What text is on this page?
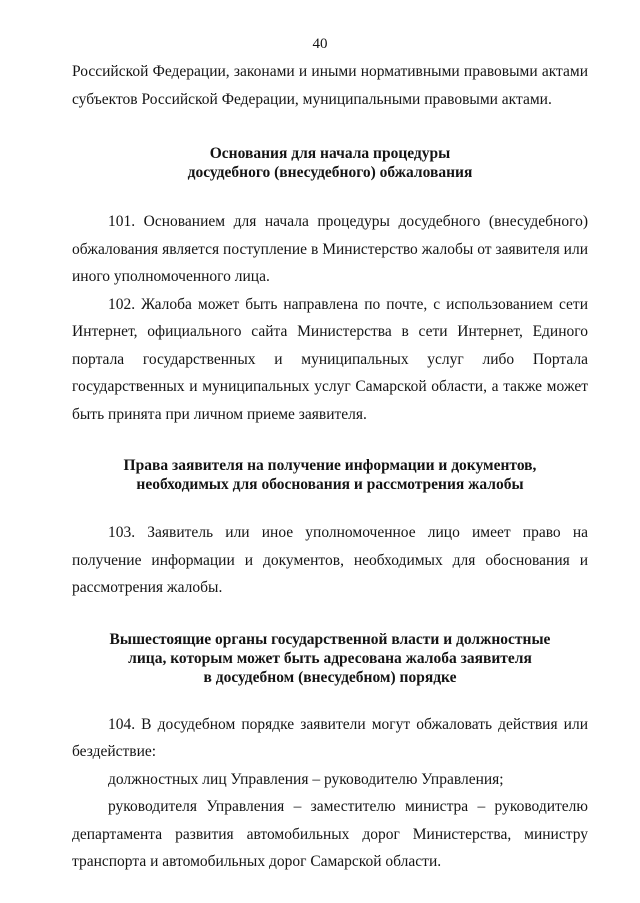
40

Российской Федерации, законами и иными нормативными правовыми актами субъектов Российской Федерации, муниципальными правовыми актами.

Основания для начала процедуры
досудебного (внесудебного) обжалования

101. Основанием для начала процедуры досудебного (внесудебного) обжалования является поступление в Министерство жалобы от заявителя или иного уполномоченного лица.

102. Жалоба может быть направлена по почте, с использованием сети Интернет, официального сайта Министерства в сети Интернет, Единого портала государственных и муниципальных услуг либо Портала государственных и муниципальных услуг Самарской области, а также может быть принята при личном приеме заявителя.

Права заявителя на получение информации и документов,
необходимых для обоснования и рассмотрения жалобы

103. Заявитель или иное уполномоченное лицо имеет право на получение информации и документов, необходимых для обоснования и рассмотрения жалобы.

Вышестоящие органы государственной власти и должностные
лица, которым может быть адресована жалоба заявителя
в досудебном (внесудебном) порядке

104. В досудебном порядке заявители могут обжаловать действия или бездействие:

должностных лиц Управления – руководителю Управления;

руководителя Управления – заместителю министра – руководителю департамента развития автомобильных дорог Министерства, министру транспорта и автомобильных дорог Самарской области.
